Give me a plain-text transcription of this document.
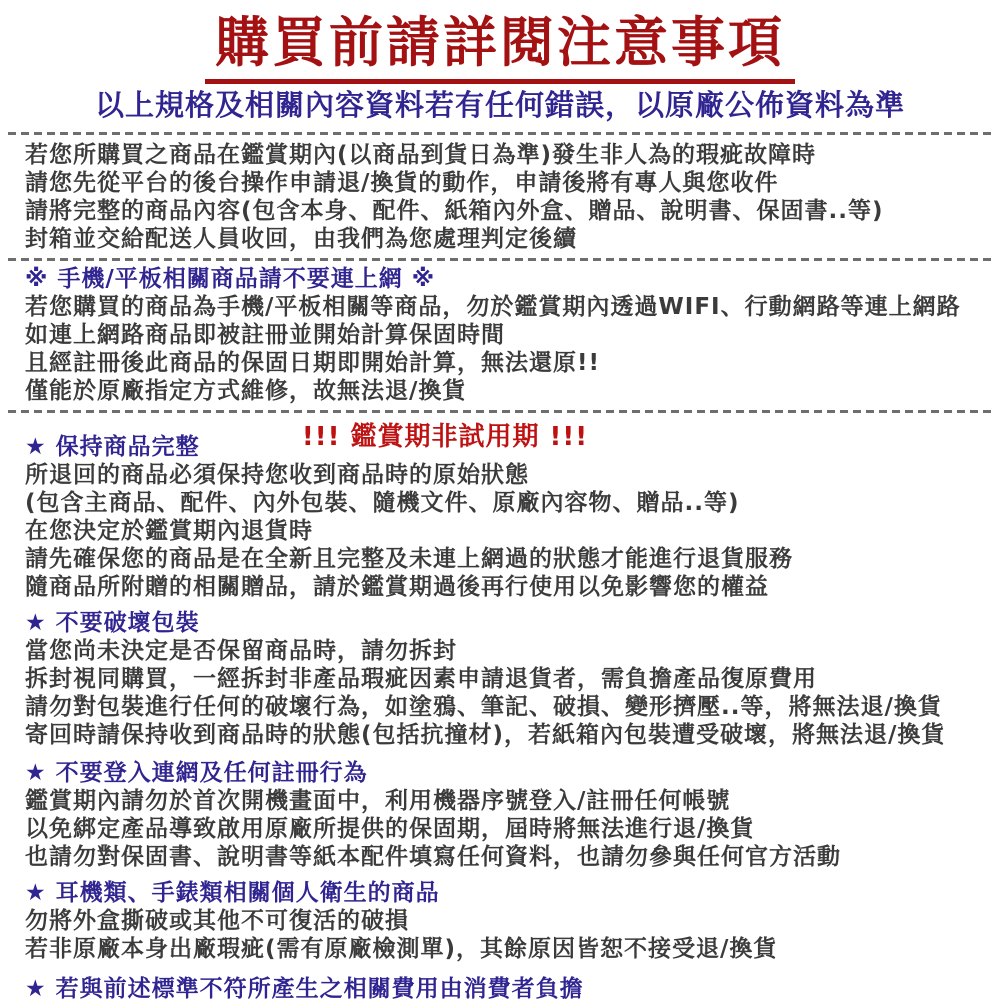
購買前請詳閱注意事項
以上規格及相關內容資料若有任何錯誤，以原廠公佈資料為準
若您所購買之商品在鑑賞期內(以商品到貨日為準)發生非人為的瑕疵故障時
請您先從平台的後台操作申請退/換貨的動作，申請後將有專人與您收件
請將完整的商品內容(包含本身、配件、紙箱內外盒、贈品、說明書、保固書..等)
封箱並交給配送人員收回，由我們為您處理判定後續
※ 手機/平板相關商品請不要連上網 ※
若您購買的商品為手機/平板相關等商品，勿於鑑賞期內透過WIFI、行動網路等連上網路
如連上網路商品即被註冊並開始計算保固時間
且經註冊後此商品的保固日期即開始計算，無法還原!!
僅能於原廠指定方式維修，故無法退/換貨
!!! 鑑賞期非試用期 !!!
★ 保持商品完整
所退回的商品必須保持您收到商品時的原始狀態
(包含主商品、配件、內外包裝、隨機文件、原廠內容物、贈品..等)
在您決定於鑑賞期內退貨時
請先確保您的商品是在全新且完整及未連上網過的狀態才能進行退貨服務
隨商品所附贈的相關贈品，請於鑑賞期過後再行使用以免影響您的權益
★ 不要破壞包裝
當您尚未決定是否保留商品時，請勿拆封
拆封視同購買，一經拆封非產品瑕疵因素申請退貨者，需負擔產品復原費用
請勿對包裝進行任何的破壞行為，如塗鴉、筆記、破損、變形擠壓..等，將無法退/換貨
寄回時請保持收到商品時的狀態(包括抗撞材)，若紙箱內包裝遭受破壞，將無法退/換貨
★ 不要登入連網及任何註冊行為
鑑賞期內請勿於首次開機畫面中，利用機器序號登入/註冊任何帳號
以免綁定產品導致啟用原廠所提供的保固期，屆時將無法進行退/換貨
也請勿對保固書、說明書等紙本配件填寫任何資料，也請勿參與任何官方活動
★ 耳機類、手錶類相關個人衛生的商品
勿將外盒撕破或其他不可復活的破損
若非原廠本身出廠瑕疵(需有原廠檢測單)，其餘原因皆恕不接受退/換貨
★ 若與前述標準不符所產生之相關費用由消費者負擔
